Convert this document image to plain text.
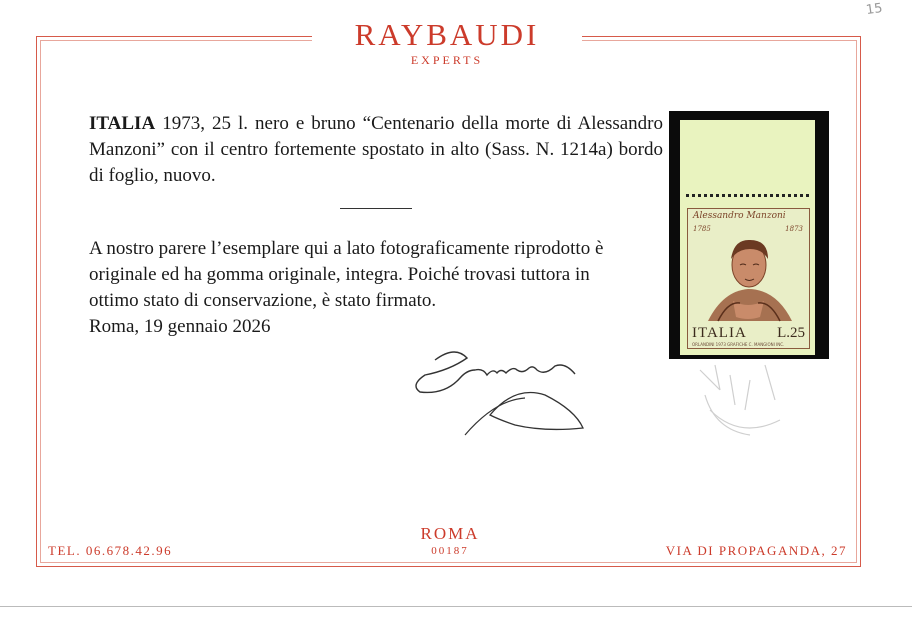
15
RAYBAUDI
EXPERTS
ITALIA 1973, 25 l. nero e bruno “Centenario della morte di Alessandro Manzoni” con il centro fortemente spostato in alto (Sass. N. 1214a) bordo di foglio, nuovo.
A nostro parere l’esemplare qui a lato fotograficamente riprodotto è
originale ed ha gomma originale, integra. Poiché trovasi tuttora in
ottimo stato di conservazione, è stato firmato.
Roma, 19 gennaio 2026
Alessandro Manzoni
1785	1873
ITALIA L.25
ORLANDINI 1973 GRAFICHE C. MANGIONI INC.
ROMA
00187
TEL. 06.678.42.96	VIA DI PROPAGANDA, 27
